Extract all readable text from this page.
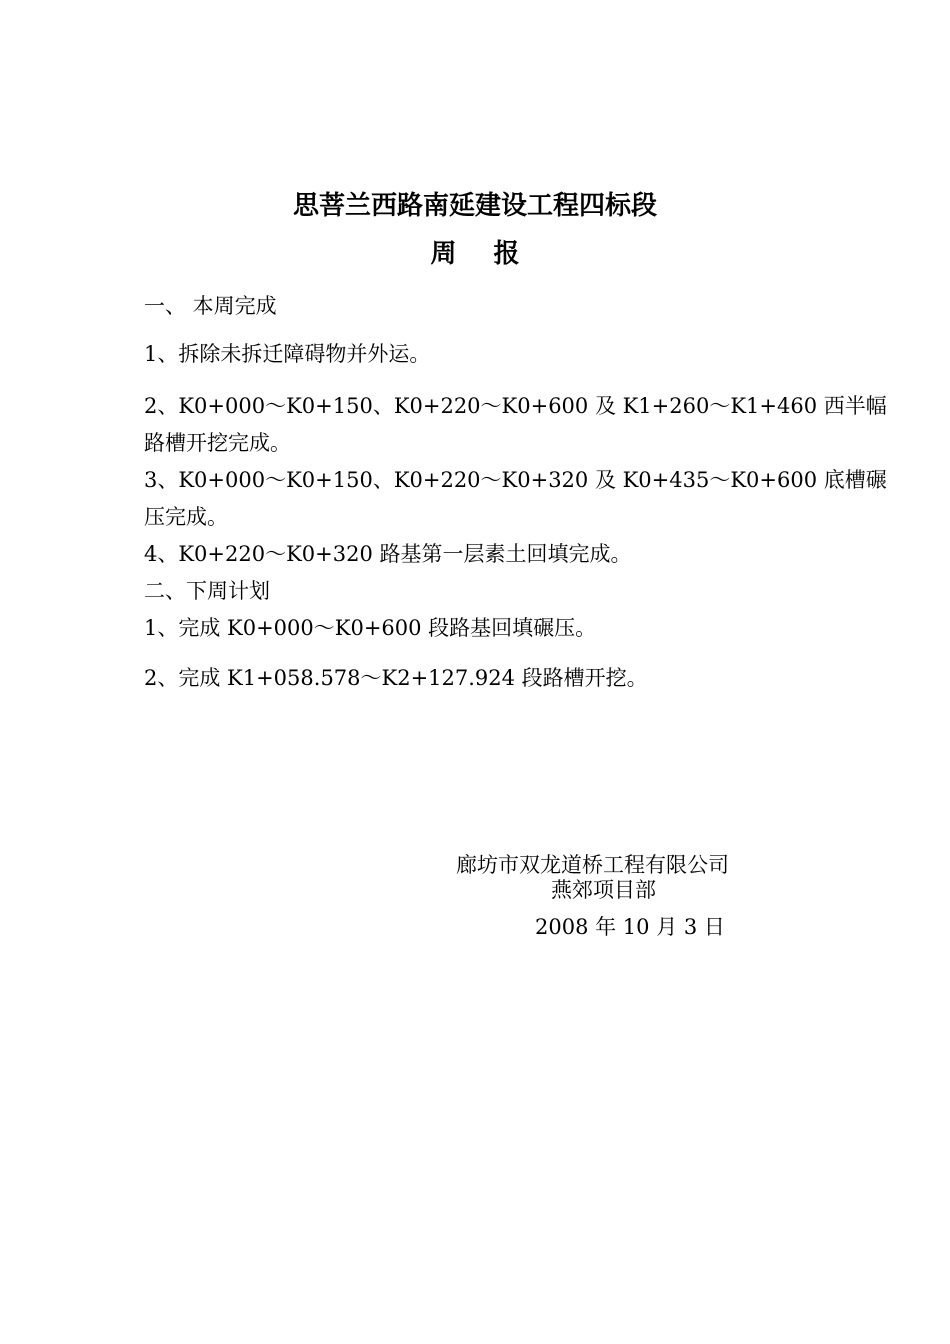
思菩兰西路南延建设工程四标段
周 报
一、 本周完成
1、拆除未拆迁障碍物并外运。
2、K0+000～K0+150、K0+220～K0+600 及 K1+260～K1+460 西半幅
路槽开挖完成。
3、K0+000～K0+150、K0+220～K0+320 及 K0+435～K0+600 底槽碾
压完成。
4、K0+220～K0+320 路基第一层素土回填完成。
二、下周计划
1、完成 K0+000～K0+600 段路基回填碾压。
2、完成 K1+058.578～K2+127.924 段路槽开挖。
廊坊市双龙道桥工程有限公司
燕郊项目部
2008 年 10 月 3 日
